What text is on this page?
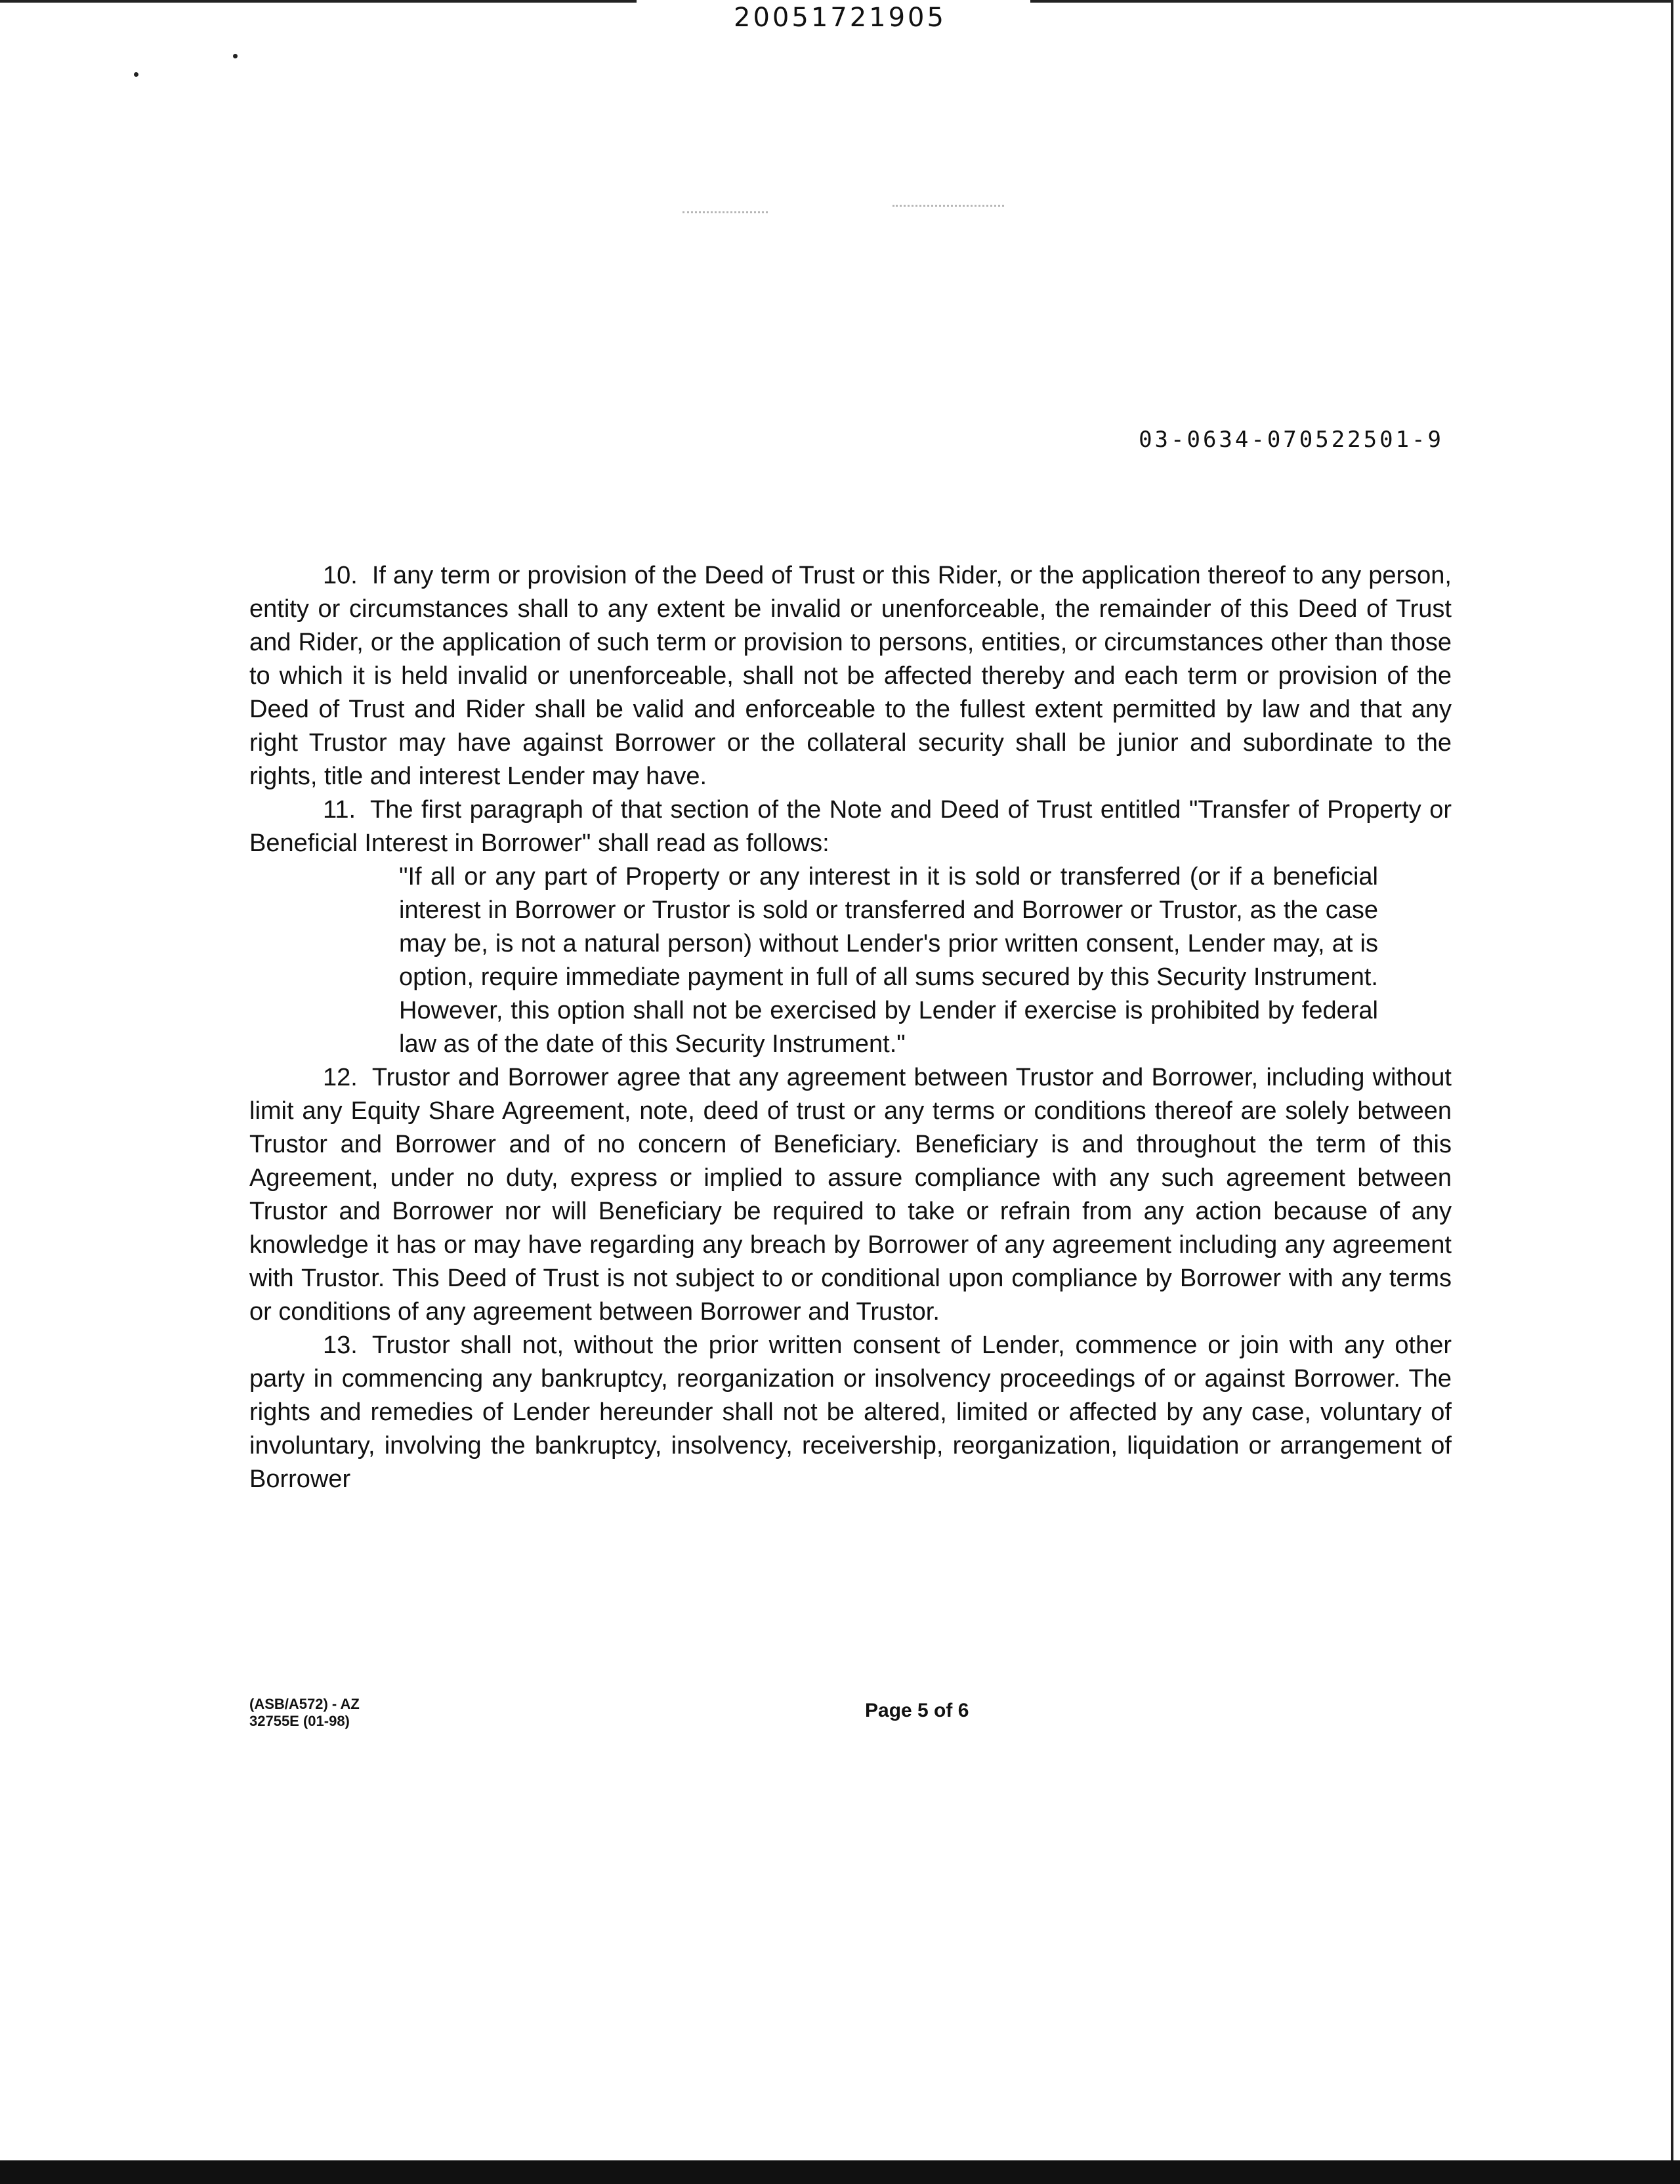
20051721905
03-0634-070522501-9

10. If any term or provision of the Deed of Trust or this Rider, or the application thereof to any person, entity or circumstances shall to any extent be invalid or unenforceable, the remainder of this Deed of Trust and Rider, or the application of such term or provision to persons, entities, or circumstances other than those to which it is held invalid or unenforceable, shall not be affected thereby and each term or provision of the Deed of Trust and Rider shall be valid and enforceable to the fullest extent permitted by law and that any right Trustor may have against Borrower or the collateral security shall be junior and subordinate to the rights, title and interest Lender may have.

11. The first paragraph of that section of the Note and Deed of Trust entitled "Transfer of Property or Beneficial Interest in Borrower" shall read as follows:

"If all or any part of Property or any interest in it is sold or transferred (or if a beneficial interest in Borrower or Trustor is sold or transferred and Borrower or Trustor, as the case may be, is not a natural person) without Lender's prior written consent, Lender may, at is option, require immediate payment in full of all sums secured by this Security Instrument. However, this option shall not be exercised by Lender if exercise is prohibited by federal law as of the date of this Security Instrument."

12. Trustor and Borrower agree that any agreement between Trustor and Borrower, including without limit any Equity Share Agreement, note, deed of trust or any terms or conditions thereof are solely between Trustor and Borrower and of no concern of Beneficiary. Beneficiary is and throughout the term of this Agreement, under no duty, express or implied to assure compliance with any such agreement between Trustor and Borrower nor will Beneficiary be required to take or refrain from any action because of any knowledge it has or may have regarding any breach by Borrower of any agreement including any agreement with Trustor. This Deed of Trust is not subject to or conditional upon compliance by Borrower with any terms or conditions of any agreement between Borrower and Trustor.

13. Trustor shall not, without the prior written consent of Lender, commence or join with any other party in commencing any bankruptcy, reorganization or insolvency proceedings of or against Borrower. The rights and remedies of Lender hereunder shall not be altered, limited or affected by any case, voluntary of involuntary, involving the bankruptcy, insolvency, receivership, reorganization, liquidation or arrangement of Borrower

(ASB/A572) - AZ
32755E (01-98)	Page 5 of 6
